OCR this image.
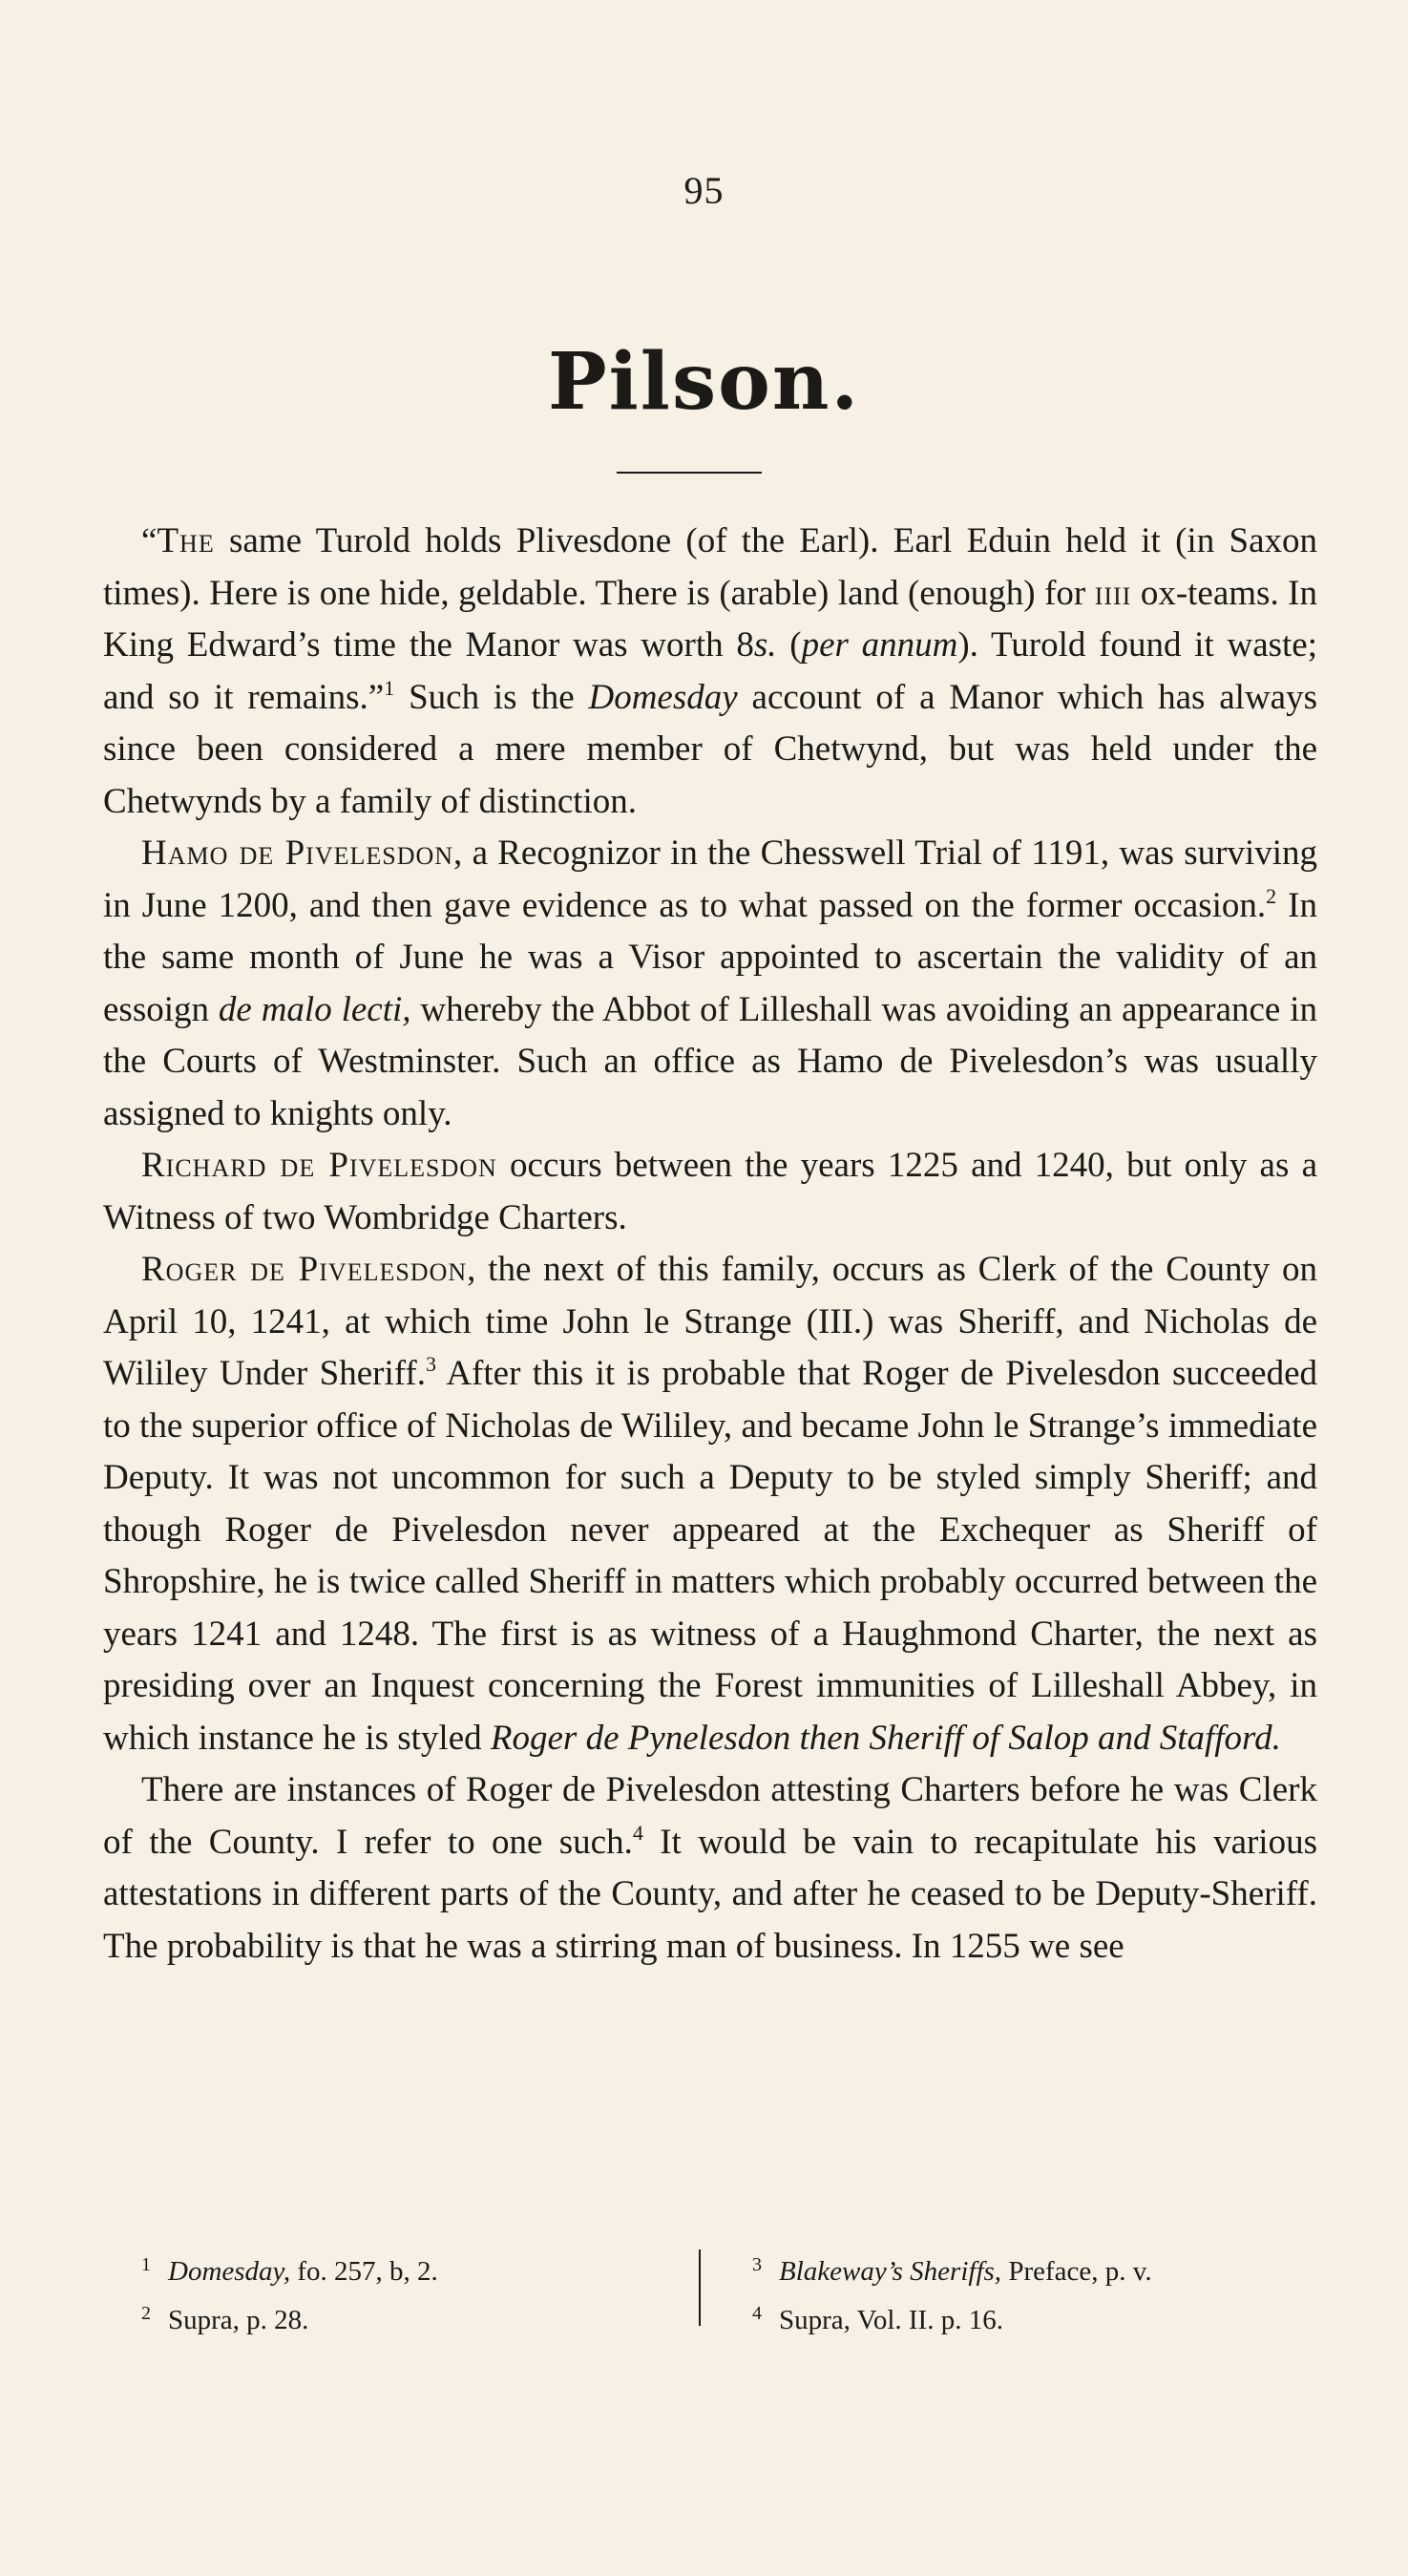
95
Pilson.

“The same Turold holds Plivesdone (of the Earl). Earl Eduin held it (in Saxon times). Here is one hide, geldable. There is (arable) land (enough) for iiii ox-teams. In King Edward’s time the Manor was worth 8s. (per annum). Turold found it waste; and so it remains.”$^1$ Such is the Domesday account of a Manor which has always since been considered a mere member of Chetwynd, but was held under the Chetwynds by a family of distinction.

Hamo de Pivelesdon, a Recognizor in the Chesswell Trial of 1191, was surviving in June 1200, and then gave evidence as to what passed on the former occasion.$^2$ In the same month of June he was a Visor appointed to ascertain the validity of an essoign de malo lecti, whereby the Abbot of Lilleshall was avoiding an appearance in the Courts of Westminster. Such an office as Hamo de Pivelesdon’s was usually assigned to knights only.

Richard de Pivelesdon occurs between the years 1225 and 1240, but only as a Witness of two Wombridge Charters.

Roger de Pivelesdon, the next of this family, occurs as Clerk of the County on April 10, 1241, at which time John le Strange (III.) was Sheriff, and Nicholas de Wililey Under Sheriff.$^3$ After this it is probable that Roger de Pivelesdon succeeded to the superior office of Nicholas de Wililey, and became John le Strange’s immediate Deputy. It was not uncommon for such a Deputy to be styled simply Sheriff; and though Roger de Pivelesdon never appeared at the Exchequer as Sheriff of Shropshire, he is twice called Sheriff in matters which probably occurred between the years 1241 and 1248. The first is as witness of a Haughmond Charter, the next as presiding over an Inquest concerning the Forest immunities of Lilleshall Abbey, in which instance he is styled Roger de Pynelesdon then Sheriff of Salop and Stafford.

There are instances of Roger de Pivelesdon attesting Charters before he was Clerk of the County. I refer to one such.$^4$ It would be vain to recapitulate his various attestations in different parts of the County, and after he ceased to be Deputy-Sheriff. The probability is that he was a stirring man of business. In 1255 we see

1 Domesday, fo. 257, b, 2.
2 Supra, p. 28.
3 Blakeway’s Sheriffs, Preface, p. v.
4 Supra, Vol. II. p. 16.
